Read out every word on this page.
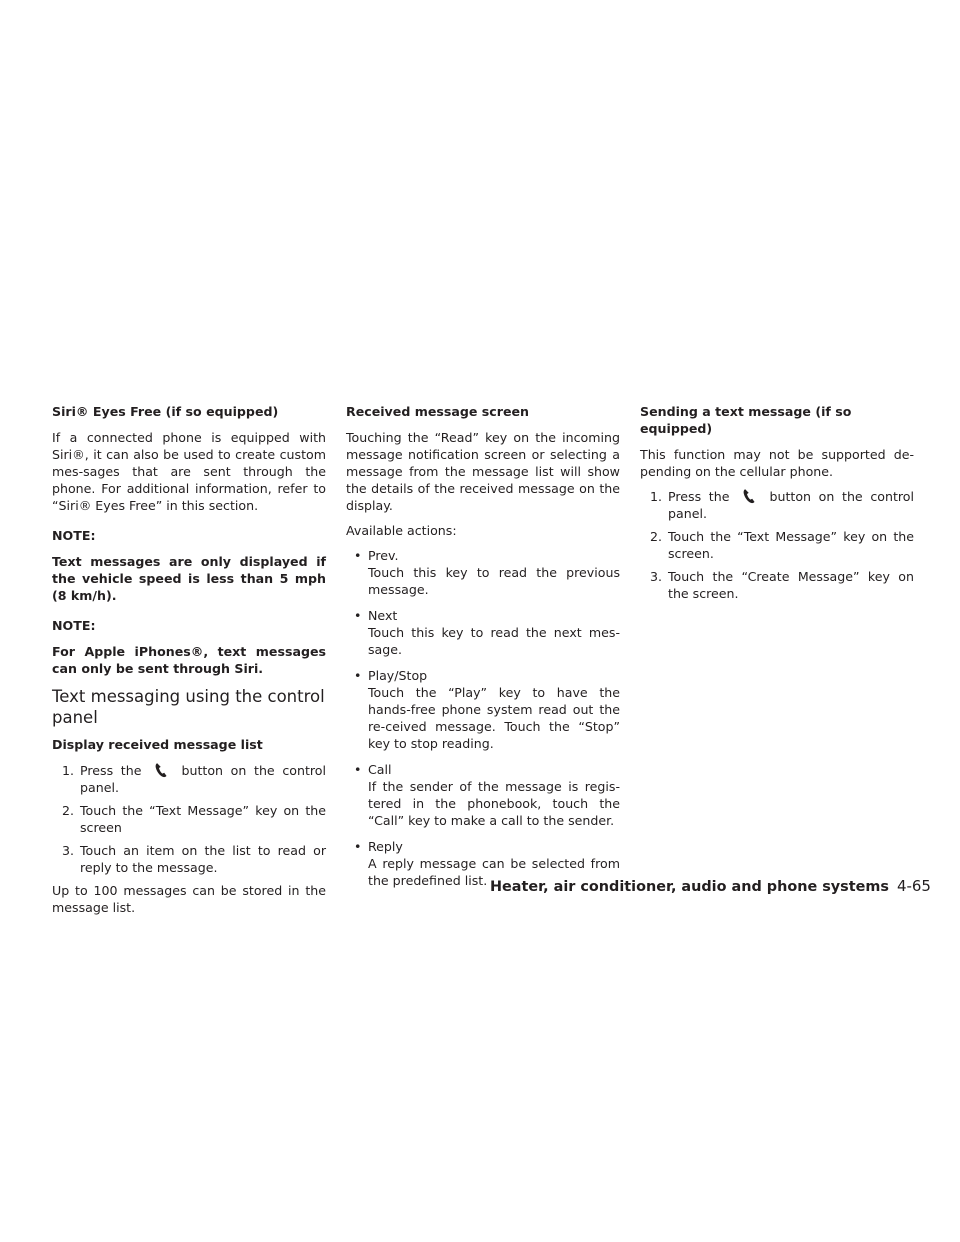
Siri® Eyes Free (if so equipped)

If a connected phone is equipped with Siri®, it can also be used to create custom mes-sages that are sent through the phone. For additional information, refer to “Siri® Eyes Free” in this section.

NOTE:

Text messages are only displayed if the vehicle speed is less than 5 mph (8 km/h).

NOTE:

For Apple iPhones®, text messages can only be sent through Siri.

Text messaging using the control panel
Display received message list
1. Press the	button on the control panel.
2. Touch the “Text Message” key on the screen
3. Touch an item on the list to read or reply to the message.

Up to 100 messages can be stored in the message list.

Received message screen

Touching the “Read” key on the incoming message notification screen or selecting a message from the message list will show the details of the received message on the display.

Available actions:

• Prev.
Touch this key to read the previous message.
• Next
Touch this key to read the next mes-sage.
• Play/Stop
Touch the “Play” key to have the hands-free phone system read out the re-ceived message. Touch the “Stop” key to stop reading.
• Call
If the sender of the message is regis-tered in the phonebook, touch the “Call” key to make a call to the sender.
• Reply
A reply message can be selected from the predefined list.
Sending a text message (if so equipped)

This function may not be supported de-pending on the cellular phone.

1. Press the	button on the control panel.
2. Touch the “Text Message” key on the screen.
3. Touch the “Create Message” key on the screen.
Heater, air conditioner, audio and phone systems 4-65
